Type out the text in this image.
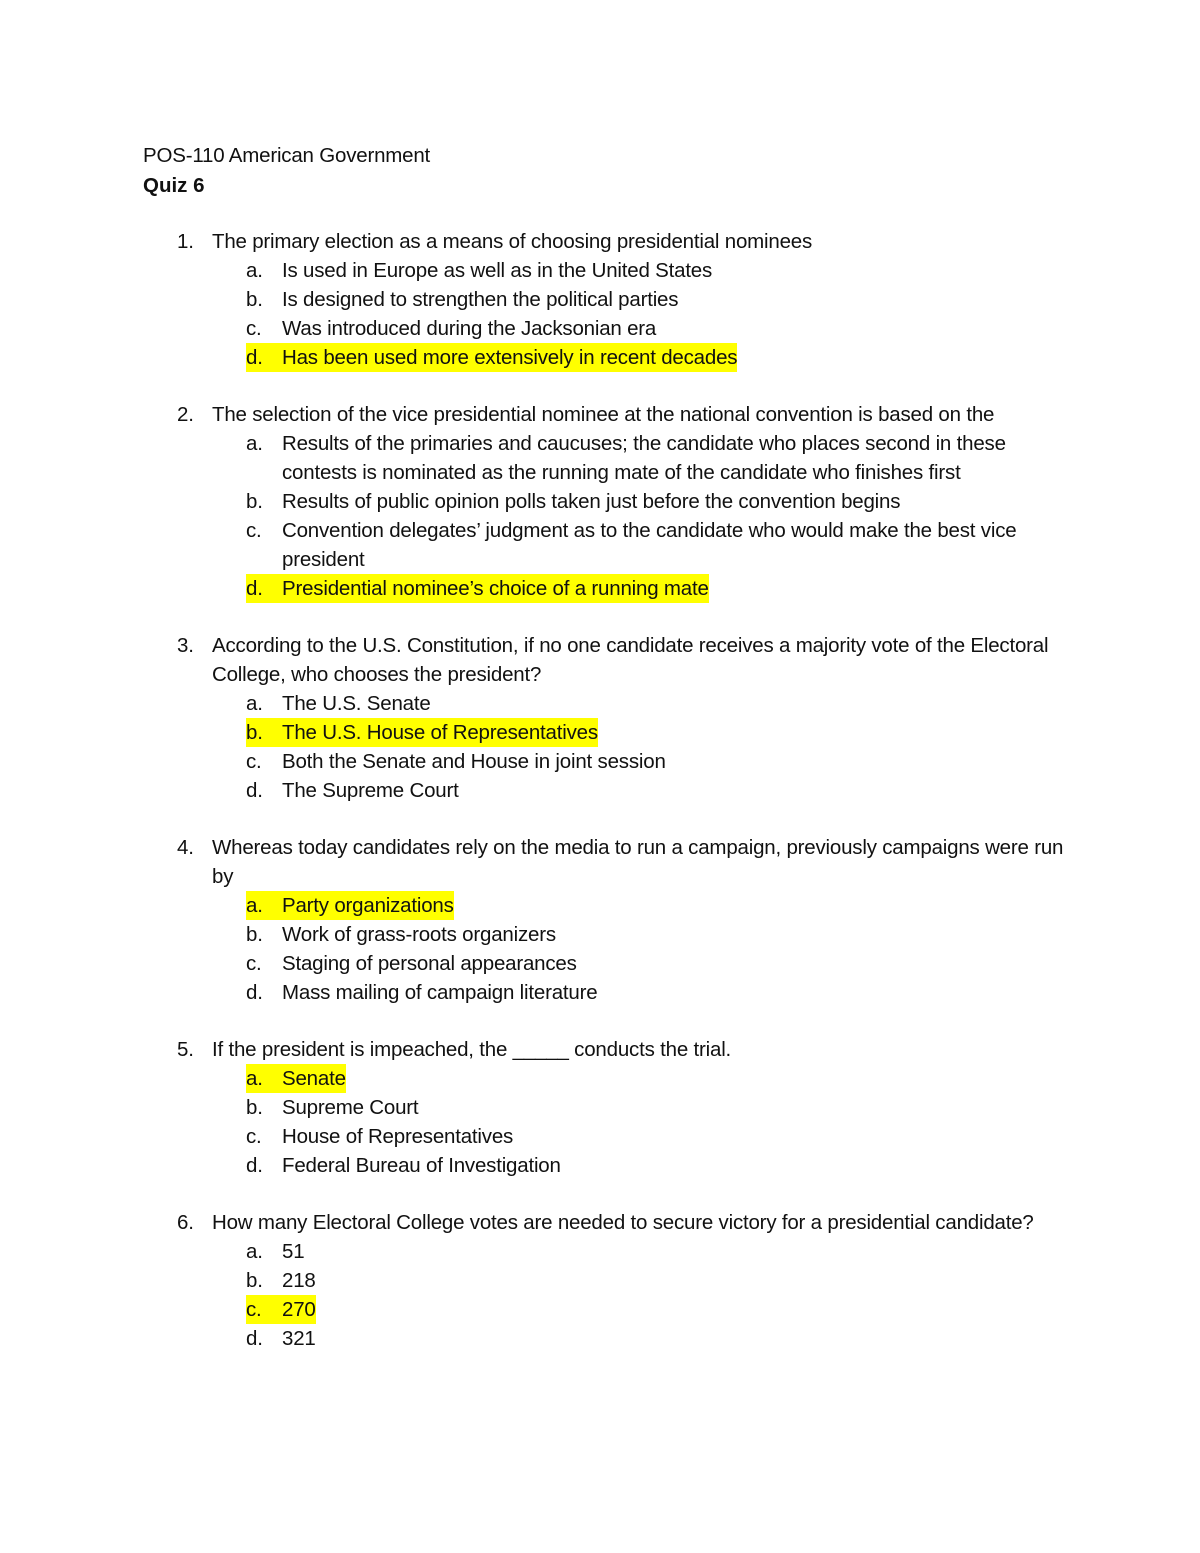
POS-110 American Government

Quiz 6

1. The primary election as a means of choosing presidential nominees
a. Is used in Europe as well as in the United States
b. Is designed to strengthen the political parties
c. Was introduced during the Jacksonian era
d. Has been used more extensively in recent decades
2. The selection of the vice presidential nominee at the national convention is based on the
a. Results of the primaries and caucuses; the candidate who places second in these contests is nominated as the running mate of the candidate who finishes first
b. Results of public opinion polls taken just before the convention begins
c. Convention delegates’ judgment as to the candidate who would make the best vice president
d. Presidential nominee’s choice of a running mate
3. According to the U.S. Constitution, if no one candidate receives a majority vote of the Electoral College, who chooses the president?
a. The U.S. Senate
b. The U.S. House of Representatives
c. Both the Senate and House in joint session
d. The Supreme Court
4. Whereas today candidates rely on the media to run a campaign, previously campaigns were run by
a. Party organizations
b. Work of grass-roots organizers
c. Staging of personal appearances
d. Mass mailing of campaign literature
5. If the president is impeached, the _____ conducts the trial.
a. Senate
b. Supreme Court
c. House of Representatives
d. Federal Bureau of Investigation
6. How many Electoral College votes are needed to secure victory for a presidential candidate?
a. 51
b. 218
c. 270
d. 321
